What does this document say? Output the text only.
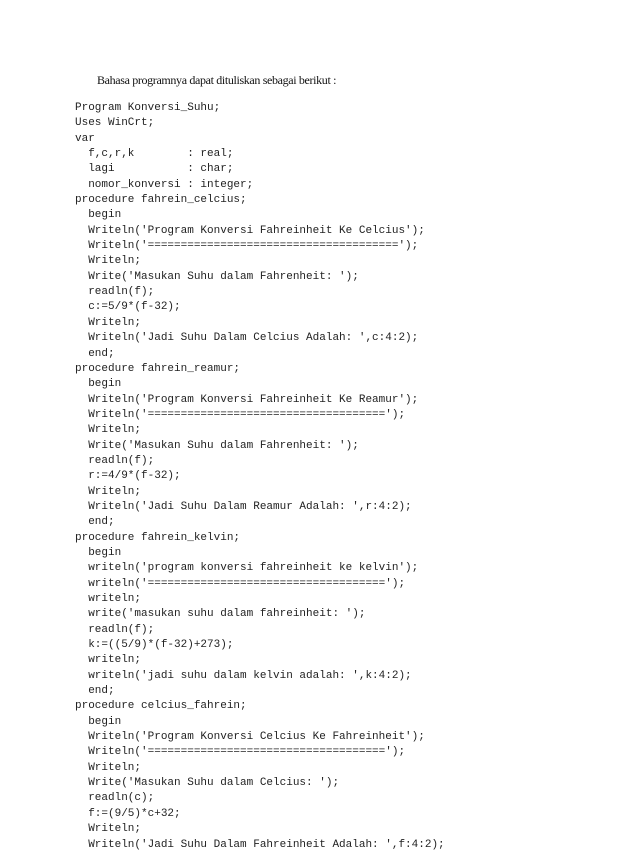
Bahasa programnya dapat dituliskan sebagai berikut :

Program Konversi_Suhu;
Uses WinCrt;
var
f,c,r,k        : real;
lagi           : char;
nomor_konversi : integer;
procedure fahrein_celcius;
begin
Writeln('Program Konversi Fahreinheit Ke Celcius');
Writeln('======================================');
Writeln;
Write('Masukan Suhu dalam Fahrenheit: ');
readln(f);
c:=5/9*(f-32);
Writeln;
Writeln('Jadi Suhu Dalam Celcius Adalah: ',c:4:2);
end;
procedure fahrein_reamur;
begin
Writeln('Program Konversi Fahreinheit Ke Reamur');
Writeln('====================================');
Writeln;
Write('Masukan Suhu dalam Fahrenheit: ');
readln(f);
r:=4/9*(f-32);
Writeln;
Writeln('Jadi Suhu Dalam Reamur Adalah: ',r:4:2);
end;
procedure fahrein_kelvin;
begin
writeln('program konversi fahreinheit ke kelvin');
writeln('====================================');
writeln;
write('masukan suhu dalam fahreinheit: ');
readln(f);
k:=((5/9)*(f-32)+273);
writeln;
writeln('jadi suhu dalam kelvin adalah: ',k:4:2);
end;
procedure celcius_fahrein;
begin
Writeln('Program Konversi Celcius Ke Fahreinheit');
Writeln('====================================');
Writeln;
Write('Masukan Suhu dalam Celcius: ');
readln(c);
f:=(9/5)*c+32;
Writeln;
Writeln('Jadi Suhu Dalam Fahreinheit Adalah: ',f:4:2);
